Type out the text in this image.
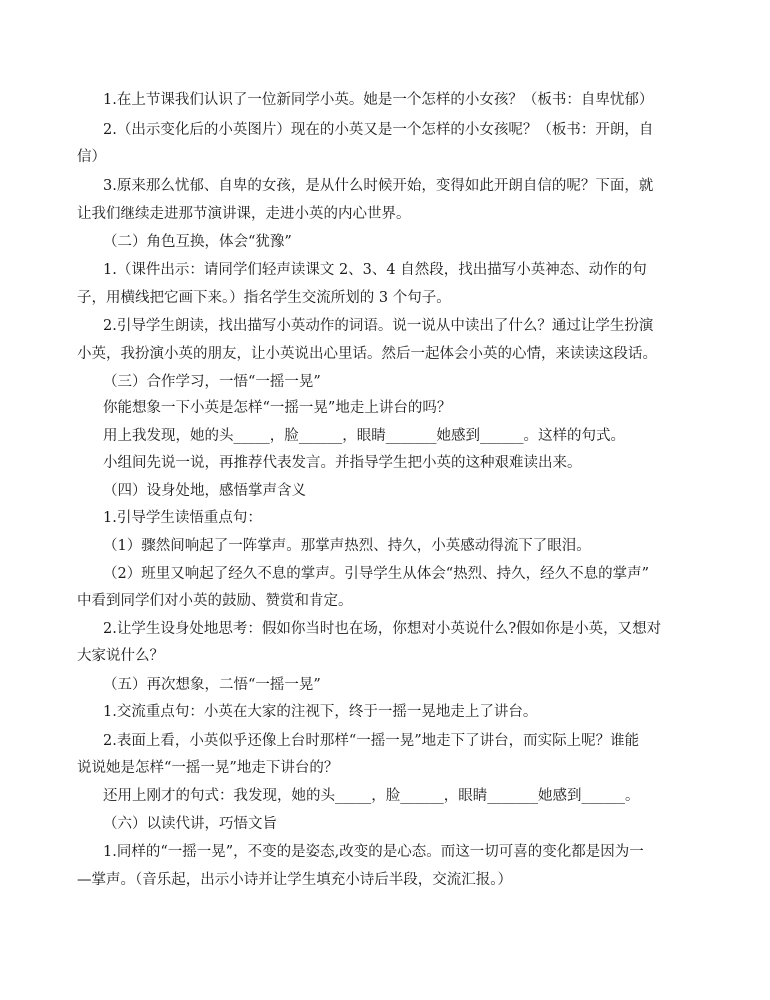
1.在上节课我们认识了一位新同学小英。她是一个怎样的小女孩？（板书：自卑忧郁）
2.（出示变化后的小英图片）现在的小英又是一个怎样的小女孩呢？（板书：开朗，自
信）
3.原来那么忧郁、自卑的女孩，是从什么时候开始，变得如此开朗自信的呢？下面，就
让我们继续走进那节演讲课，走进小英的内心世界。
（二）角色互换，体会“犹豫”
1.（课件出示：请同学们轻声读课文 2、3、4 自然段，找出描写小英神态、动作的句
子，用横线把它画下来。）指名学生交流所划的 3 个句子。
2.引导学生朗读，找出描写小英动作的词语。说一说从中读出了什么？通过让学生扮演
小英，我扮演小英的朋友，让小英说出心里话。然后一起体会小英的心情，来读读这段话。
（三）合作学习，一悟“一摇一晃”
你能想象一下小英是怎样“一摇一晃”地走上讲台的吗？
用上我发现，她的头_____，脸______，眼睛_______她感到______。这样的句式。
小组间先说一说，再推荐代表发言。并指导学生把小英的这种艰难读出来。
（四）设身处地，感悟掌声含义
1.引导学生读悟重点句：
（1）骤然间响起了一阵掌声。那掌声热烈、持久，小英感动得流下了眼泪。
（2）班里又响起了经久不息的掌声。引导学生从体会“热烈、持久，经久不息的掌声”
中看到同学们对小英的鼓励、赞赏和肯定。
2.让学生设身处地思考：假如你当时也在场，你想对小英说什么?假如你是小英，又想对
大家说什么？
（五）再次想象，二悟“一摇一晃”
1.交流重点句：小英在大家的注视下，终于一摇一晃地走上了讲台。
2.表面上看，小英似乎还像上台时那样“一摇一晃”地走下了讲台，而实际上呢？谁能
说说她是怎样“一摇一晃”地走下讲台的？
还用上刚才的句式：我发现，她的头_____，脸______，眼睛_______她感到______。
（六）以读代讲，巧悟文旨
1.同样的“一摇一晃”，不变的是姿态,改变的是心态。而这一切可喜的变化都是因为一
—掌声。（音乐起，出示小诗并让学生填充小诗后半段，交流汇报。）
